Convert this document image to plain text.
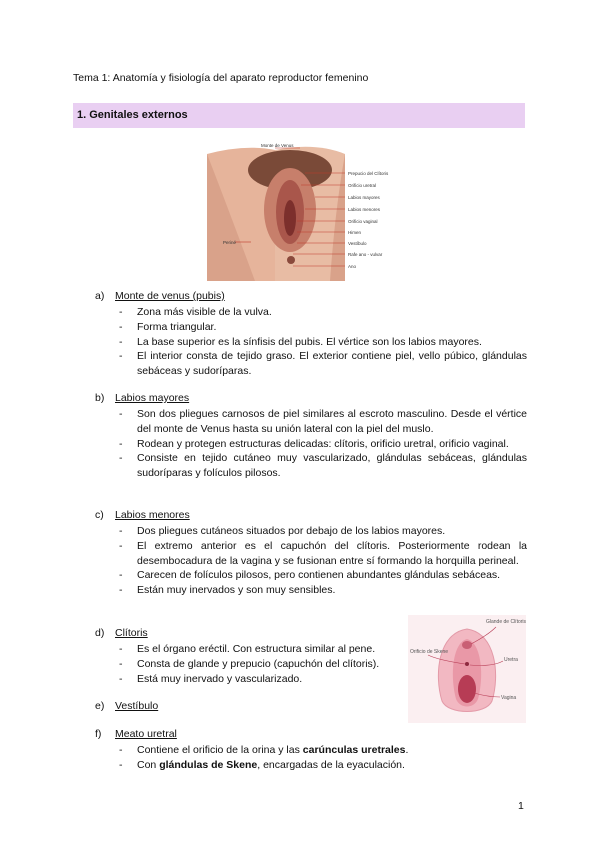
Tema 1: Anatomía y fisiología del aparato reproductor femenino
1. Genitales externos
Monte de Venus
Prepucio del Clítoris
Orificio uretral
Labios mayores
Labios menores
Orificio vaginal
Himen
Vestíbulo
Rafe ano - vulvar
Ano
Periné
Glande de Clítoris
Orificio de Skene
Uretra
Vagina
a) Monte de venus (pubis)
- Zona más visible de la vulva.
- Forma triangular.
- La base superior es la sínfisis del pubis. El vértice son los labios mayores.
- El interior consta de tejido graso. El exterior contiene piel, vello púbico, glándulas sebáceas y sudoríparas.
b) Labios mayores
- Son dos pliegues carnosos de piel similares al escroto masculino. Desde el vértice del monte de Venus hasta su unión lateral con la piel del muslo.
- Rodean y protegen estructuras delicadas: clítoris, orificio uretral, orificio vaginal.
- Consiste en tejido cutáneo muy vascularizado, glándulas sebáceas, glándulas sudoríparas y folículos pilosos.
c) Labios menores
- Dos pliegues cutáneos situados por debajo de los labios mayores.
- El extremo anterior es el capuchón del clítoris. Posteriormente rodean la desembocadura de la vagina y se fusionan entre sí formando la horquilla perineal.
- Carecen de folículos pilosos, pero contienen abundantes glándulas sebáceas.
- Están muy inervados y son muy sensibles.
d) Clítoris
- Es el órgano eréctil. Con estructura similar al pene.
- Consta de glande y prepucio (capuchón del clítoris).
- Está muy inervado y vascularizado.
e) Vestíbulo
f) Meato uretral
- Contiene el orificio de la orina y las carúnculas uretrales.
- Con glándulas de Skene, encargadas de la eyaculación.
1
